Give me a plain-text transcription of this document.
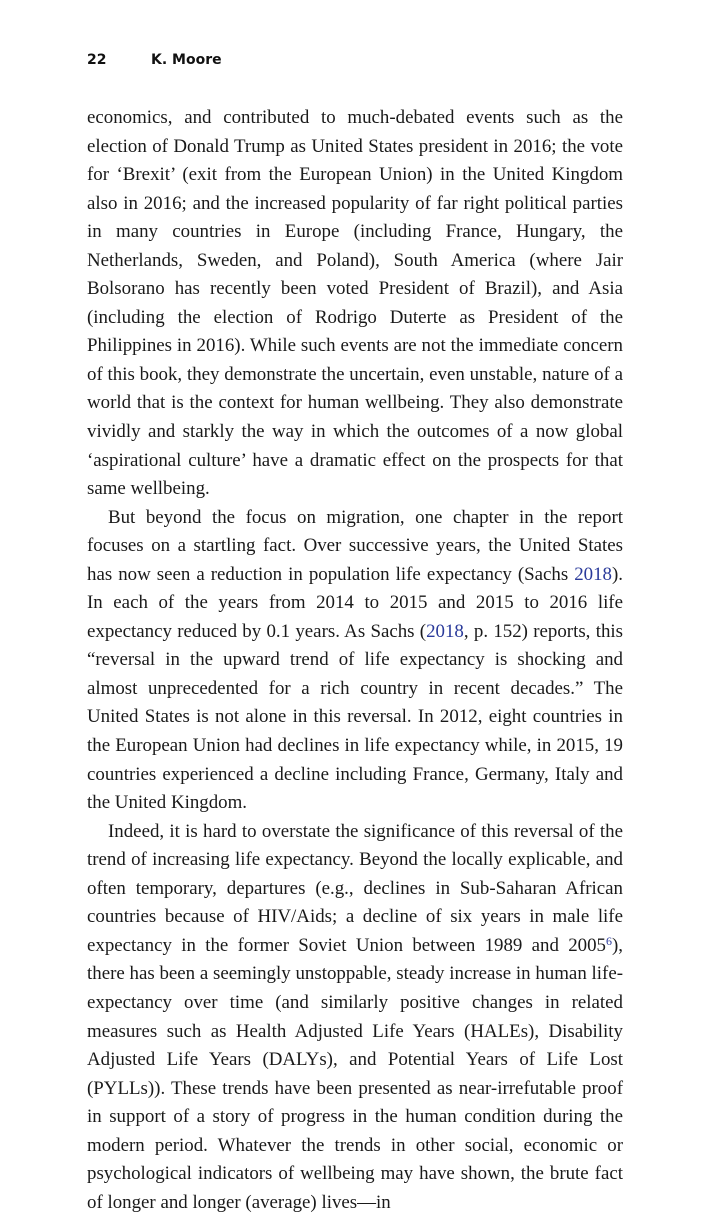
22	K. Moore

economics, and contributed to much-debated events such as the election of Donald Trump as United States president in 2016; the vote for ‘Brexit’ (exit from the European Union) in the United Kingdom also in 2016; and the increased popularity of far right political parties in many countries in Europe (including France, Hungary, the Netherlands, Sweden, and Poland), South America (where Jair Bolsorano has recently been voted President of Brazil), and Asia (including the election of Rodrigo Duterte as President of the Philippines in 2016). While such events are not the immediate concern of this book, they demonstrate the uncertain, even unstable, nature of a world that is the context for human wellbeing. They also demonstrate vividly and starkly the way in which the outcomes of a now global ‘aspirational culture’ have a dramatic effect on the prospects for that same wellbeing.

But beyond the focus on migration, one chapter in the report focuses on a startling fact. Over successive years, the United States has now seen a reduction in population life expectancy (Sachs 2018). In each of the years from 2014 to 2015 and 2015 to 2016 life expectancy reduced by 0.1 years. As Sachs (2018, p. 152) reports, this “reversal in the upward trend of life expectancy is shocking and almost unprecedented for a rich country in recent decades.” The United States is not alone in this reversal. In 2012, eight countries in the European Union had declines in life expectancy while, in 2015, 19 countries experienced a decline including France, Germany, Italy and the United Kingdom.

Indeed, it is hard to overstate the significance of this reversal of the trend of increasing life expectancy. Beyond the locally explicable, and often temporary, departures (e.g., declines in Sub-Saharan African countries because of HIV/Aids; a decline of six years in male life expectancy in the former Soviet Union between 1989 and 2005$^6$), there has been a seemingly unstoppable, steady increase in human life-expectancy over time (and similarly positive changes in related measures such as Health Adjusted Life Years (HALEs), Disability Adjusted Life Years (DALYs), and Potential Years of Life Lost (PYLLs)). These trends have been presented as near-irrefutable proof in support of a story of progress in the human condition during the modern period. Whatever the trends in other social, economic or psychological indicators of wellbeing may have shown, the brute fact of longer and longer (average) lives—in
